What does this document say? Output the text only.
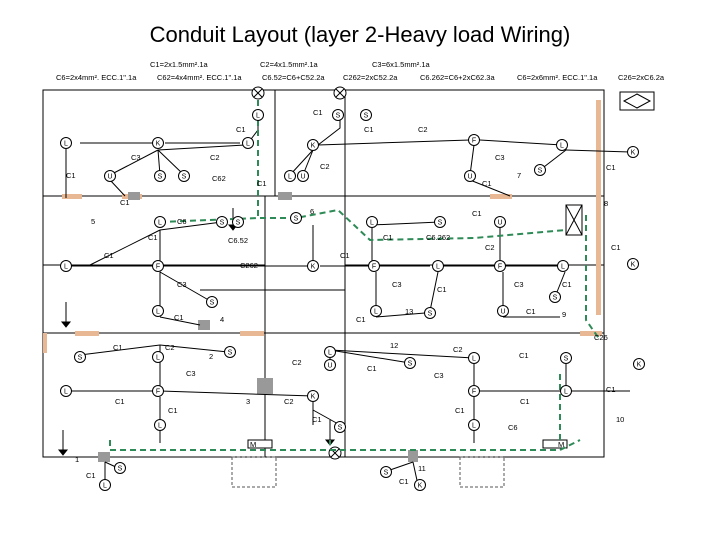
Conduit Layout (layer 2-Heavy load Wiring)
C1=2x1.5mm².1a	C2=4x1.5mm².1a	C3=6x1.5mm².1a
C6=2x4mm². ECC.1".1a	C62=4x4mm². ECC.1".1a	C6.52=C6+C52.2a C262=2xC52.2a	C6.262=C6+2xC62.3a	C6=2x6mm². ECC.1".1a	C26=2xC6.2a
C1
C1	C1	C2
C3	C2	C3
C1	C62
C1
C2	C1
7
C1
C1	8
5	C6
6	C1
C1	C6.52	C1	C6.262
C2	C1
C1
C262
C1
C3	C3
C1
C3	C1
C1	4	C1
13	C1	9
C26
C1	C2
2
12	C2
C1
C2
C1
C3	C3
C1	3	C2	C1
C1
C1	C1
10
C1
C6
1
C1
11
C1
M	M
L
S	S
L
K	K
L	F
L
K
U	S	S	L U	U
S
L	S S
S
L	S	U
L	F	K	F	L	F	L	K
S
L	L	S	U
S
S	L
S	L
U	S
L	S
K
L	F
K
F	L
L	S	L
S
L
S
K
